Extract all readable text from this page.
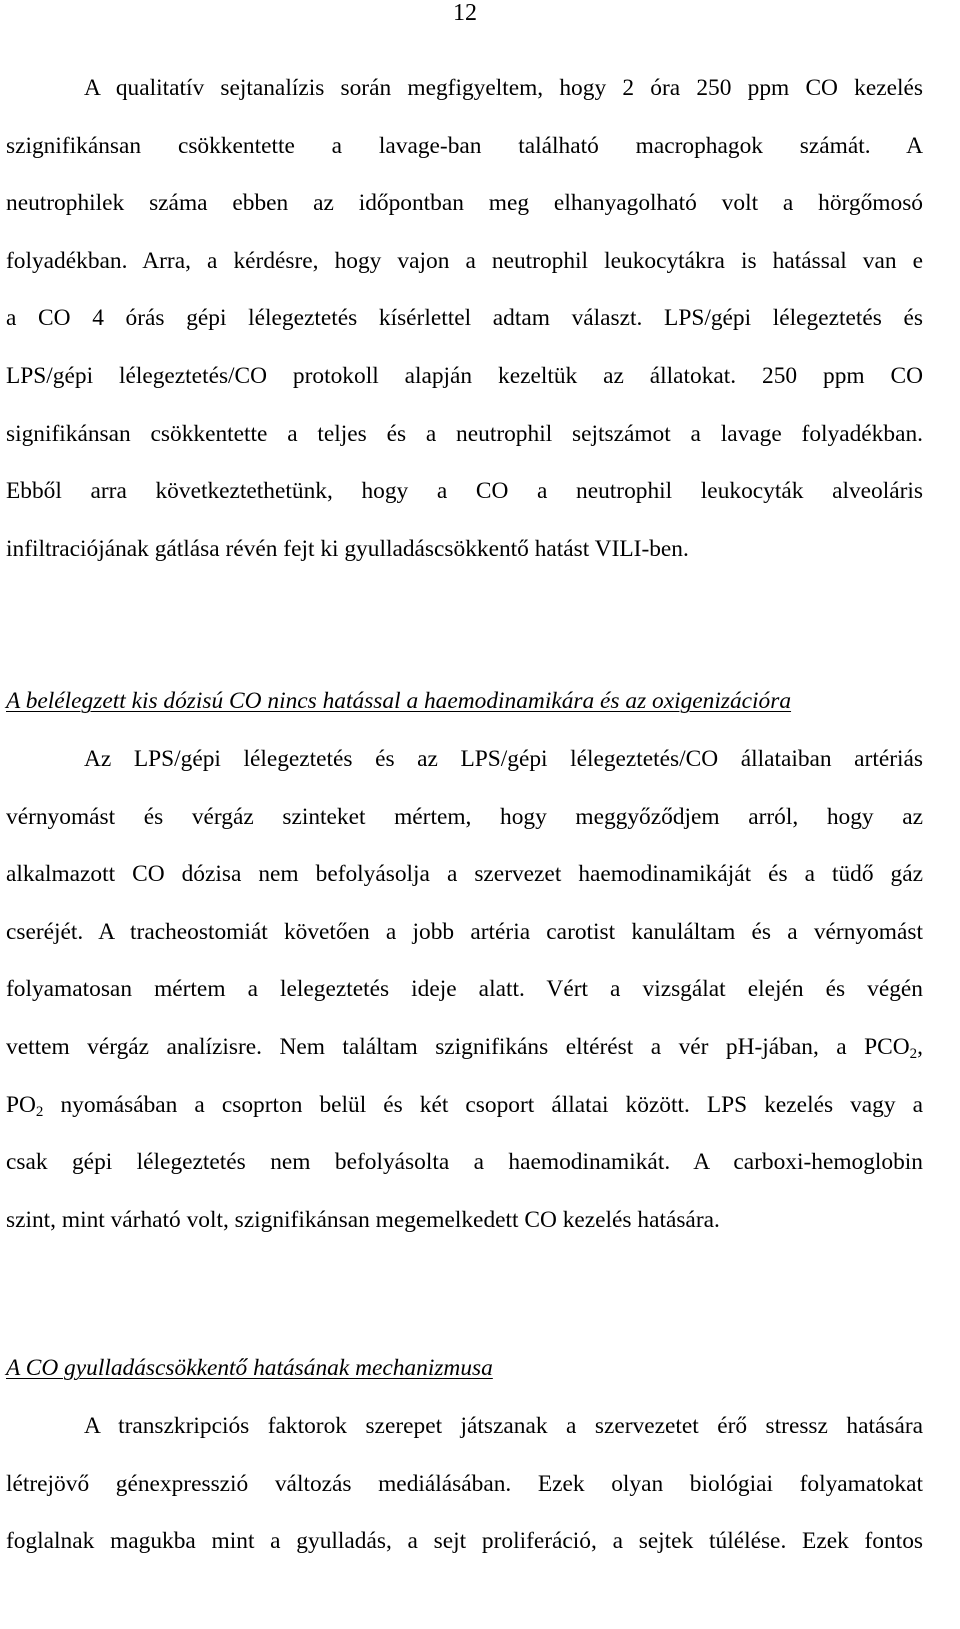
12
A qualitatív sejtanalízis során megfigyeltem, hogy 2 óra 250 ppm CO kezelés
szignifikánsan csökkentette a lavage-ban található macrophagok számát. A
neutrophilek száma ebben az időpontban meg elhanyagolható volt a hörgőmosó
folyadékban. Arra, a kérdésre, hogy vajon a neutrophil leukocytákra is hatással van e
a CO 4 órás gépi lélegeztetés kísérlettel adtam választ. LPS/gépi lélegeztetés és
LPS/gépi lélegeztetés/CO protokoll alapján kezeltük az állatokat. 250 ppm CO
signifikánsan csökkentette a teljes és a neutrophil sejtszámot a lavage folyadékban.
Ebből arra következtethetünk, hogy a CO a neutrophil leukocyták alveoláris
infiltraciójának gátlása révén fejt ki gyulladáscsökkentő hatást VILI-ben.
A belélegzett kis dózisú CO nincs hatással a haemodinamikára és az oxigenizációra
Az LPS/gépi lélegeztetés és az LPS/gépi lélegeztetés/CO állataiban artériás
vérnyomást és vérgáz szinteket mértem, hogy meggyőződjem arról, hogy az
alkalmazott CO dózisa nem befolyásolja a szervezet haemodinamikáját és a tüdő gáz
cseréjét. A tracheostomiát követően a jobb artéria carotist kanuláltam és a vérnyomást
folyamatosan mértem a lelegeztetés ideje alatt. Vért a vizsgálat elején és végén
vettem vérgáz analízisre. Nem találtam szignifikáns eltérést a vér pH-jában, a $PCO_2$,
$PO_2$ nyomásában a csoprton belül és két csoport állatai között. LPS kezelés vagy a
csak gépi lélegeztetés nem befolyásolta a haemodinamikát. A carboxi-hemoglobin
szint, mint várható volt, szignifikánsan megemelkedett CO kezelés hatására.
A CO gyulladáscsökkentő hatásának mechanizmusa
A transzkripciós faktorok szerepet játszanak a szervezetet érő stressz hatására
létrejövő génexpresszió változás mediálásában. Ezek olyan biológiai folyamatokat
foglalnak magukba mint a gyulladás, a sejt proliferáció, a sejtek túlélése. Ezek fontos
